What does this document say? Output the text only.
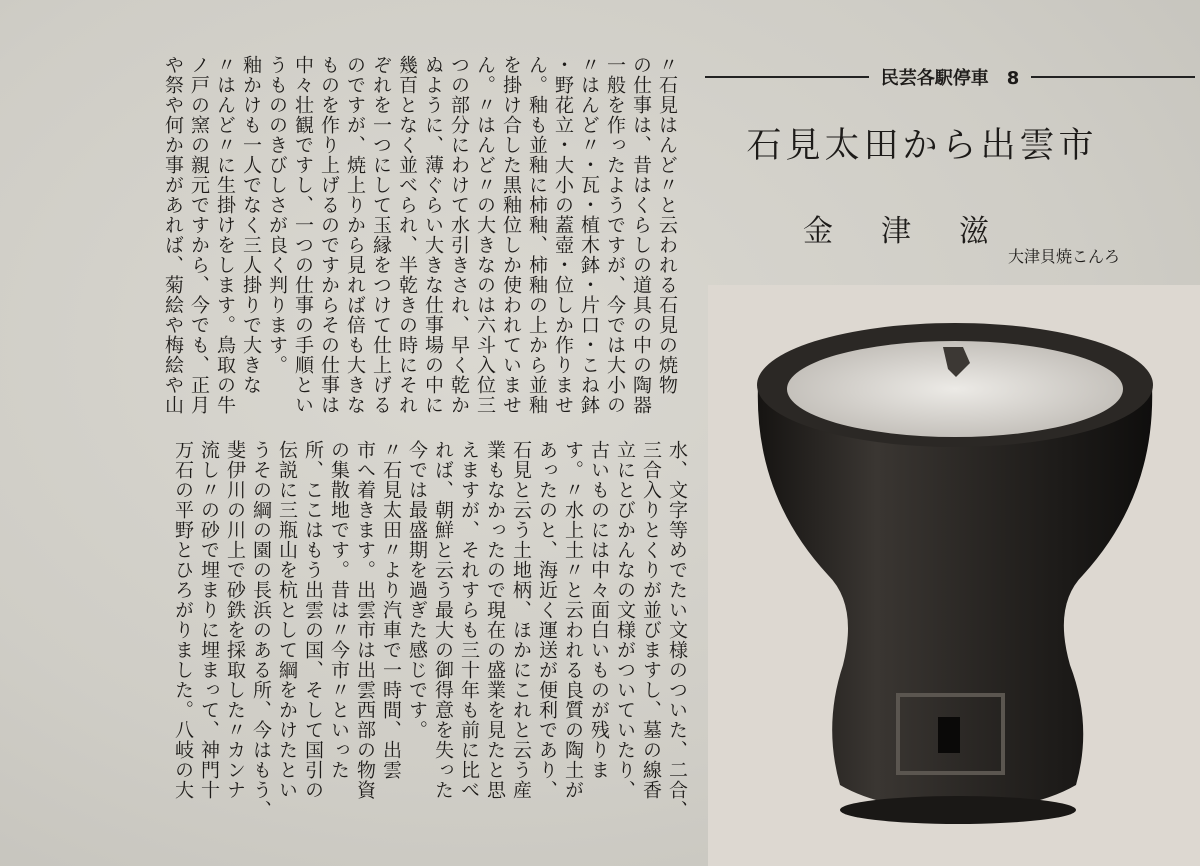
〃石見はんど〃と云われる石見の焼物

の仕事は、昔はくらしの道具の中の陶器

一般を作ったようですが、今では大小の

〃はんど〃・瓦・植木鉢・片口・こね鉢

・野花立・大小の蓋壺・位しか作りませ

ん。釉も並釉に柿釉、柿釉の上から並釉

を掛け合した黒釉位しか使われていませ

ん。〃はんど〃の大きなのは六斗入位三

つの部分にわけて水引きされ、早く乾か

ぬように、薄ぐらい大きな仕事場の中に

幾百となく並べられ、半乾きの時にそれ

ぞれを一つにして玉縁をつけて仕上げる

のですが、焼上りから見れば倍も大きな

ものを作り上げるのですからその仕事は

中々壮観ですし、一つの仕事の手順とい

うもののきびしさが良く判ります。

釉かけも一人でなく三人掛りで大きな

〃はんど〃に生掛けをします。鳥取の牛

ノ戸の窯の親元ですから、今でも、正月

や祭や何か事があれば、菊絵や梅絵や山

水、文字等めでたい文様のついた、二合、

三合入りとくりが並びますし、墓の線香

立にとびかんなの文様がついていたり、

古いものには中々面白いものが残りま

す。〃水上土〃と云われる良質の陶土が

あったのと、海近く運送が便利であり、

石見と云う土地柄、ほかにこれと云う産

業もなかったので現在の盛業を見たと思

えますが、それすらも三十年も前に比べ

れば、朝鮮と云う最大の御得意を失った

今では最盛期を過ぎた感じです。

〃石見太田〃より汽車で一時間、出雲

市へ着きます。出雲市は出雲西部の物資

の集散地です。昔は〃今市〃といった

所、ここはもう出雲の国、そして国引の

伝説に三瓶山を杭として綱をかけたとい

うその綱の園の長浜のある所、今はもう、

斐伊川の川上で砂鉄を採取した〃カンナ

流し〃の砂で埋まりに埋まって、神門十

万石の平野とひろがりました。八岐の大

民芸各駅停車　8
石見太田から出雲市
金津滋
大津貝焼こんろ
